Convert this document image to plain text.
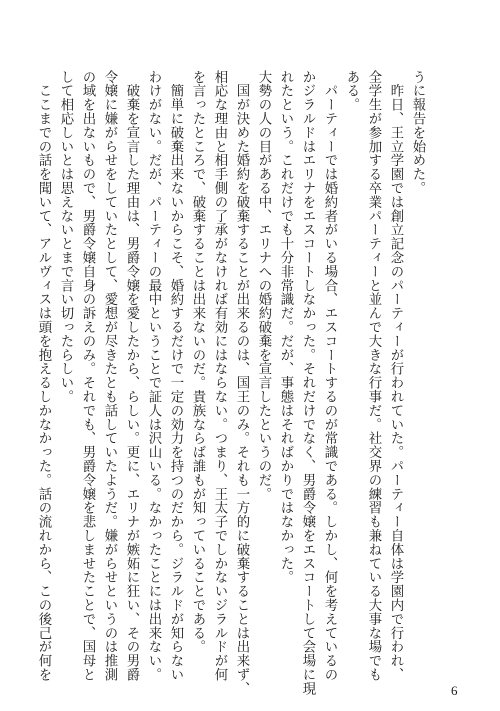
うに報告を始めた。
　昨日、王立学園では創立記念のパーティーが行われていた。パーティー自体は学園内で行われ、
全学生が参加する卒業パーティーと並んで大きな行事だ。社交界の練習も兼ねている大事な場でも
ある。
　パーティーでは婚約者がいる場合、エスコートするのが常識である。しかし、何を考えているの
かジラルドはエリナをエスコートしなかった。それだけでなく、男爵令嬢をエスコートして会場に現
れたという。これだけでも十分非常識だ。だが、事態はそればかりではなかった。
大勢の人の目がある中、エリナへの婚約破棄を宣言したというのだ。
　国が決めた婚約を破棄することが出来るのは、国王のみ。それも一方的に破棄することは出来ず、
相応な理由と相手側の了承がなければ有効にはならない。つまり、王太子でしかないジラルドが何
を言ったところで、破棄することは出来ないのだ。貴族ならば誰もが知っていることである。
　簡単に破棄出来ないからこそ、婚約するだけで一定の効力を持つのだから。ジラルドが知らない
わけがない。だが、パーティーの最中ということで証人は沢山いる。なかったことには出来ない。
　破棄を宣言した理由は、男爵令嬢を愛したから、らしい。更に、エリナが嫉妬に狂い、その男爵
令嬢に嫌がらせをしていたとして、愛想が尽きたとも話していたようだ。嫌がらせというのは推測
の域を出ないもので、男爵令嬢自身の訴えのみ。それでも、男爵令嬢を悲しませたことで、国母と
して相応しいとは思えないとまで言い切ったらしい。
　ここまでの話を聞いて、アルヴィスは頭を抱えるしかなかった。話の流れから、この後己が何を
6
